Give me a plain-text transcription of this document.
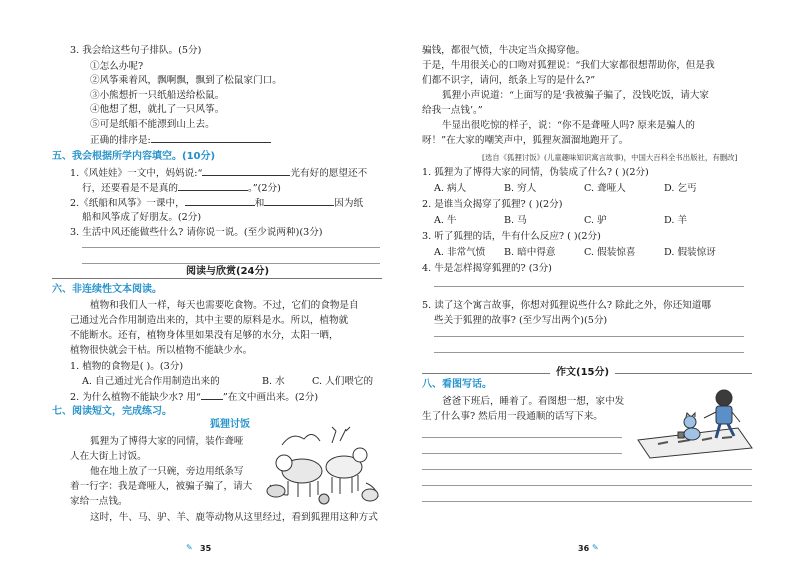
3. 我会给这些句子排队。(5分)
①怎么办呢?
②风筝乘着风，飘啊飘，飘到了松鼠家门口。
③小熊想折一只纸船送给松鼠。
④他想了想，就扎了一只风筝。
⑤可是纸船不能漂到山上去。
正确的排序是:
五、我会根据所学内容填空。(10分)
1.《风娃娃》一文中，妈妈说:“	光有好的愿望还不
行，还要看是不是真的	。”(2分)
2.《纸船和风筝》一课中，	和	因为纸
船和风筝成了好朋友。(2分)
3. 生活中风还能做些什么? 请你说一说。(至少说两种)(3分)
阅读与欣赏(24分)
六、非连续性文本阅读。
植物和我们人一样，每天也需要吃食物。不过，它们的食物是自
己通过光合作用制造出来的，其中主要的原料是水。所以，植物就
不能断水。还有，植物身体里如果没有足够的水分，太阳一晒，
植物很快就会干枯。所以植物不能缺少水。
1. 植物的食物是( )。(3分)
A. 自己通过光合作用制造出来的	B. 水	C. 人们喂它的
2. 为什么植物不能缺少水? 用“ ”在文中画出来。(2分)
七、阅读短文，完成练习。
狐狸讨饭
狐狸为了博得大家的同情，装作聋哑
人在大街上讨饭。
他在地上放了一只碗，旁边用纸条写
着一行字：我是聋哑人，被骗子骗了，请大
家给一点钱。
这时，牛、马、驴、羊、鹿等动物从这里经过，看到狐狸用这种方式
✎ 35
骗钱，都很气愤，牛决定当众揭穿他。
于是，牛用很关心的口吻对狐狸说：“我们大家都很想帮助你，但是我
们都不识字，请问，纸条上写的是什么?”
狐狸小声说道：“上面写的是‘我被骗子骗了，没钱吃饭，请大家
给我一点钱’。”
牛显出很吃惊的样子，说：“你不是聋哑人吗? 原来是骗人的
呀！”在大家的嘲笑声中，狐狸灰溜溜地跑开了。
[选自《狐狸讨饭》(儿童趣味知识寓言故事)，中国大百科全书出版社，有删改]
1. 狐狸为了博得大家的同情，伪装成了什么? ( )(2分)
A. 病人	B. 穷人	C. 聋哑人	D. 乞丐
2. 是谁当众揭穿了狐狸? ( )(2分)
A. 牛	B. 马	C. 驴	D. 羊
3. 听了狐狸的话，牛有什么反应? ( )(2分)
A. 非常气愤 B. 暗中得意	C. 假装惊喜	D. 假装惊讶
4. 牛是怎样揭穿狐狸的? (3分)
5. 读了这个寓言故事，你想对狐狸说些什么? 除此之外，你还知道哪
些关于狐狸的故事? (至少写出两个)(5分)
作文(15分)
八、看图写话。
爸爸下班后，睡着了。看图想一想，家中发
生了什么事? 然后用一段通顺的话写下来。
36 ✎
